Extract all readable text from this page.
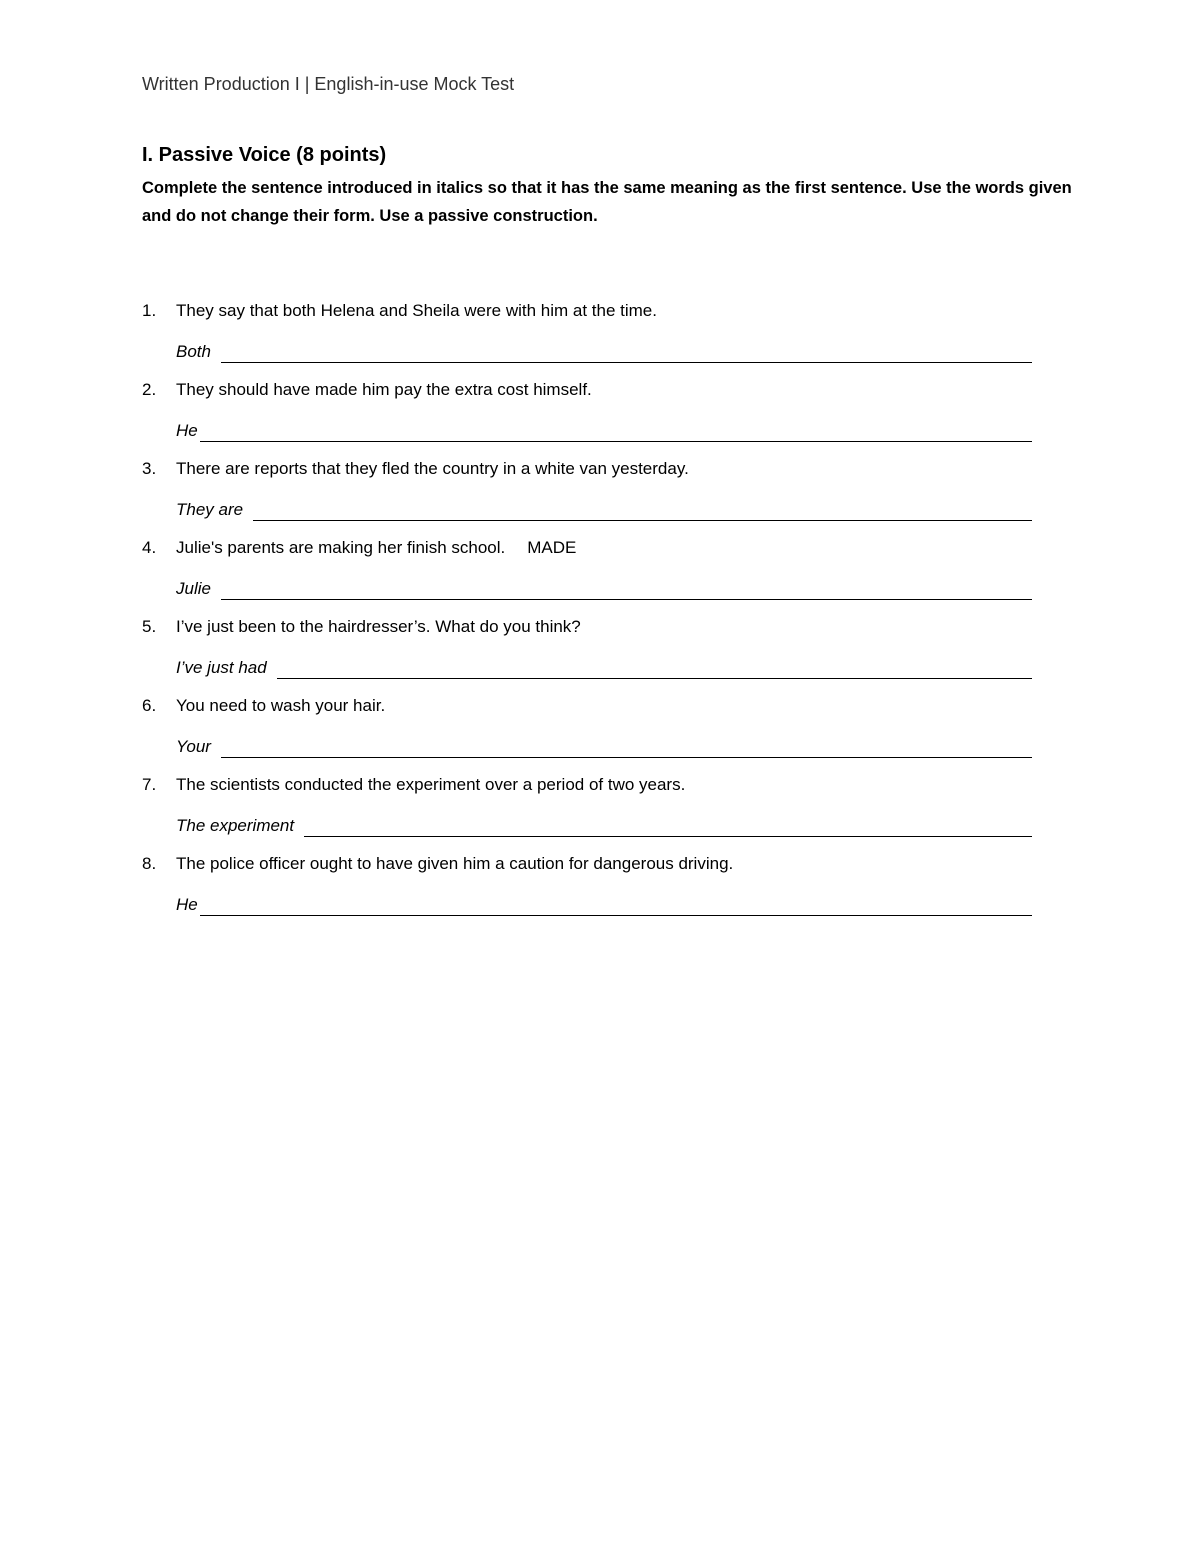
Written Production I | English-in-use Mock Test
I. Passive Voice (8 points)
Complete the sentence introduced in italics so that it has the same meaning as the first sentence. Use the words given and do not change their form. Use a passive construction.
1. They say that both Helena and Sheila were with him at the time.
Both
2. They should have made him pay the extra cost himself.
He
3. There are reports that they fled the country in a white van yesterday.
They are
4. Julie's parents are making her finish school. MADE
Julie
5. I’ve just been to the hairdresser’s. What do you think?
I’ve just had
6. You need to wash your hair.
Your
7. The scientists conducted the experiment over a period of two years.
The experiment
8. The police officer ought to have given him a caution for dangerous driving.
He
